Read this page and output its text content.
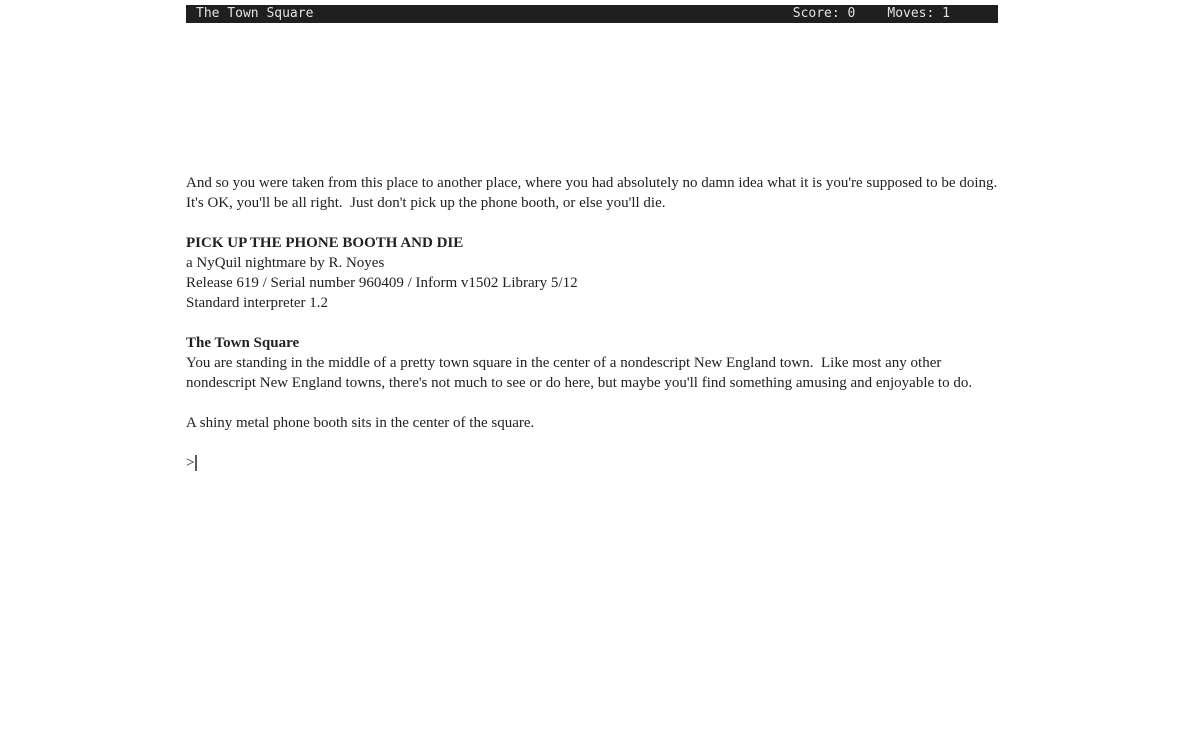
The Town Square	Score: 0 Moves: 1

And so you were taken from this place to another place, where you had absolutely no damn idea what it is you're supposed to be doing.  It's OK, you'll be all right.  Just don't pick up the phone booth, or else you'll die.

PICK UP THE PHONE BOOTH AND DIE
a NyQuil nightmare by R. Noyes
Release 619 / Serial number 960409 / Inform v1502 Library 5/12
Standard interpreter 1.2
The Town Square
You are standing in the middle of a pretty town square in the center of a nondescript New England town.  Like most any other nondescript New England towns, there's not much to see or do here, but maybe you'll find something amusing and enjoyable to do.

A shiny metal phone booth sits in the center of the square.

>
